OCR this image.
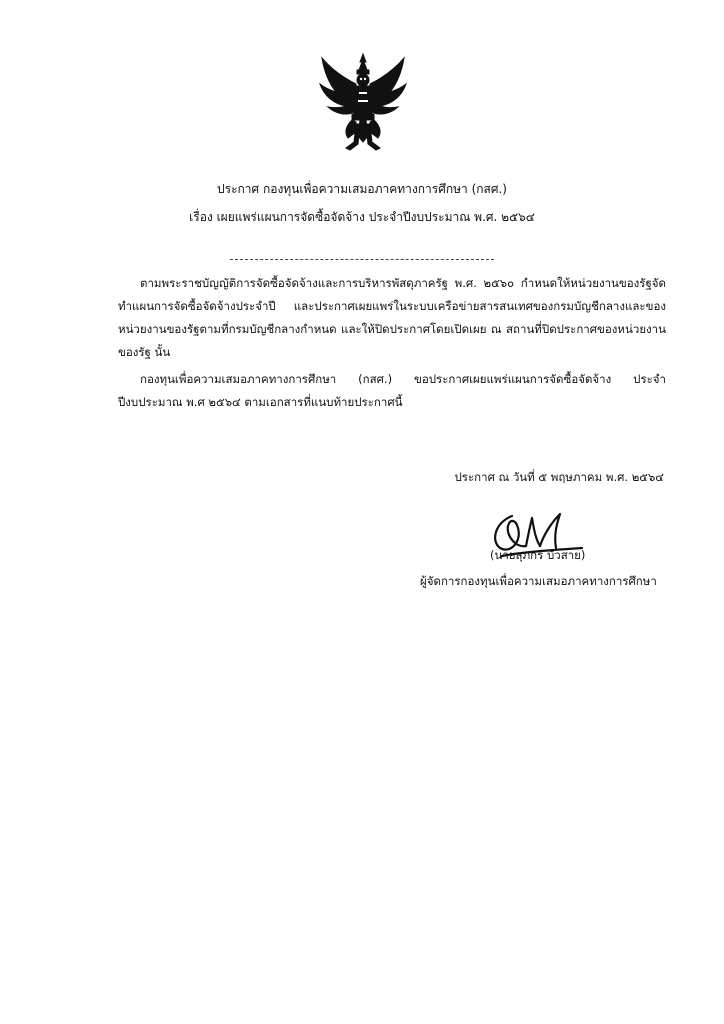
ประกาศ กองทุนเพื่อความเสมอภาคทางการศึกษา (กสศ.)
เรื่อง เผยแพร่แผนการจัดซื้อจัดจ้าง ประจำปีงบประมาณ พ.ศ. ๒๕๖๔
ตามพระราชบัญญัติการจัดซื้อจัดจ้างและการบริหารพัสดุภาครัฐ พ.ศ. ๒๕๖๐ กำหนดให้หน่วยงานของรัฐจัดทำแผนการจัดซื้อจัดจ้างประจำปี และประกาศเผยแพร่ในระบบเครือข่ายสารสนเทศของกรมบัญชีกลางและของหน่วยงานของรัฐตามที่กรมบัญชีกลางกำหนด และให้ปิดประกาศโดยเปิดเผย ณ สถานที่ปิดประกาศของหน่วยงานของรัฐ นั้น
กองทุนเพื่อความเสมอภาคทางการศึกษา (กสศ.) ขอประกาศเผยแพร่แผนการจัดซื้อจัดจ้าง ประจำปีงบประมาณ พ.ศ ๒๕๖๔ ตามเอกสารที่แนบท้ายประกาศนี้
ประกาศ ณ วันที่ ๕ พฤษภาคม พ.ศ. ๒๕๖๔
(นายสุภกร บัวสาย)
ผู้จัดการกองทุนเพื่อความเสมอภาคทางการศึกษา
